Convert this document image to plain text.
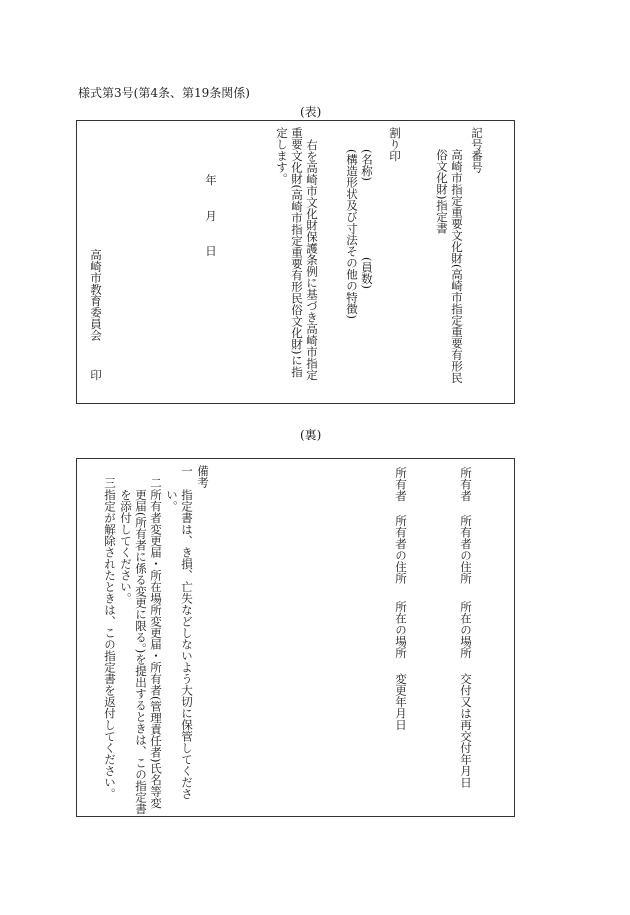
様式第3号(第4条、第19条関係)
(表)
記号番号
高崎市指定重要文化財(高崎市指定重要有形民
俗文化財)指定書
割り印
(名称)
(員数)
(構造形状及び寸法その他の特徴)
右を高崎市文化財保護条例に基づき高崎市指定
重要文化財(高崎市指定重要有形民俗文化財)に指
定します。
年
月
日
高崎市教育委員会
印
(裏)
所有者
所有者の住所
所在の場所
交付又は再交付年月日
所有者
所有者の住所
所在の場所
変更年月日
備考
一
指定書は、き損、亡失などしないよう大切に保管してください。
二
所有者変更届・所在場所変更届・所有者(管理責任者)氏名等変更届(所有者に係る変更に限る。)を提出するときは、この指定書を添付してください。
三
指定が解除されたときは、この指定書を返付してください。
